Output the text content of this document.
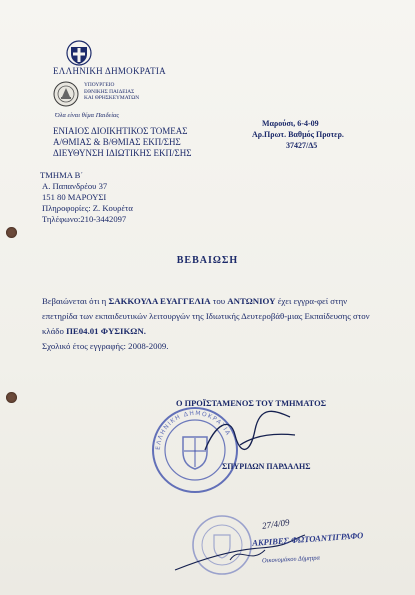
ΕΛΛΗΝΙΚΗ ΔΗΜΟΚΡΑΤΙΑ
ΥΠΟΥΡΓΕΙΟ
ΕΘΝΙΚΗΣ ΠΑΙΔΕΙΑΣ
ΚΑΙ ΘΡΗΣΚΕΥΜΑΤΩΝ
Όλα είναι θέμα Παιδείας
ΕΝΙΑΙΟΣ ΔΙΟΙΚΗΤΙΚΟΣ ΤΟΜΕΑΣ
Α/ΘΜΙΑΣ & Β/ΘΜΙΑΣ ΕΚΠ/ΣΗΣ
ΔΙΕΥΘΥΝΣΗ ΙΔΙΩΤΙΚΗΣ ΕΚΠ/ΣΗΣ
Μαρούσι, 6-4-09
Αρ.Πρωτ. Βαθμός Προτερ.
37427/Δ5
ΤΜΗΜΑ Β΄
Α. Παπανδρέου 37
151 80 ΜΑΡΟΥΣΙ
Πληροφορίες: Ζ. Κουρέτα
Τηλέφωνο:210-3442097
ΒΕΒΑΙΩΣΗ
Βεβαιώνεται ότι η ΣΑΚΚΟΥΛΑ ΕΥΑΓΓΕΛΙΑ του ΑΝΤΩΝΙΟΥ έχει εγγρα-φεί στην επετηρίδα των εκπαιδευτικών λειτουργών της Ιδιωτικής Δευτεροβάθ-μιας Εκπαίδευσης στον κλάδο ΠΕ04.01 ΦΥΣΙΚΩΝ.
Σχολικό έτος εγγραφής: 2008-2009.
Ο ΠΡΟΪΣΤΑΜΕΝΟΣ ΤΟΥ ΤΜΗΜΑΤΟΣ
ΕΛΛΗΝΙΚΗ ΔΗΜΟΚΡΑΤΙΑ
ΣΠΥΡΙΔΩΝ ΠΑΡΔΑΛΗΣ
27/4/09
ΑΚΡΙΒΕΣ ΦΩΤΟΑΝΤΙΓΡΑΦΟ
Οικονομάκου Δήμητρα
